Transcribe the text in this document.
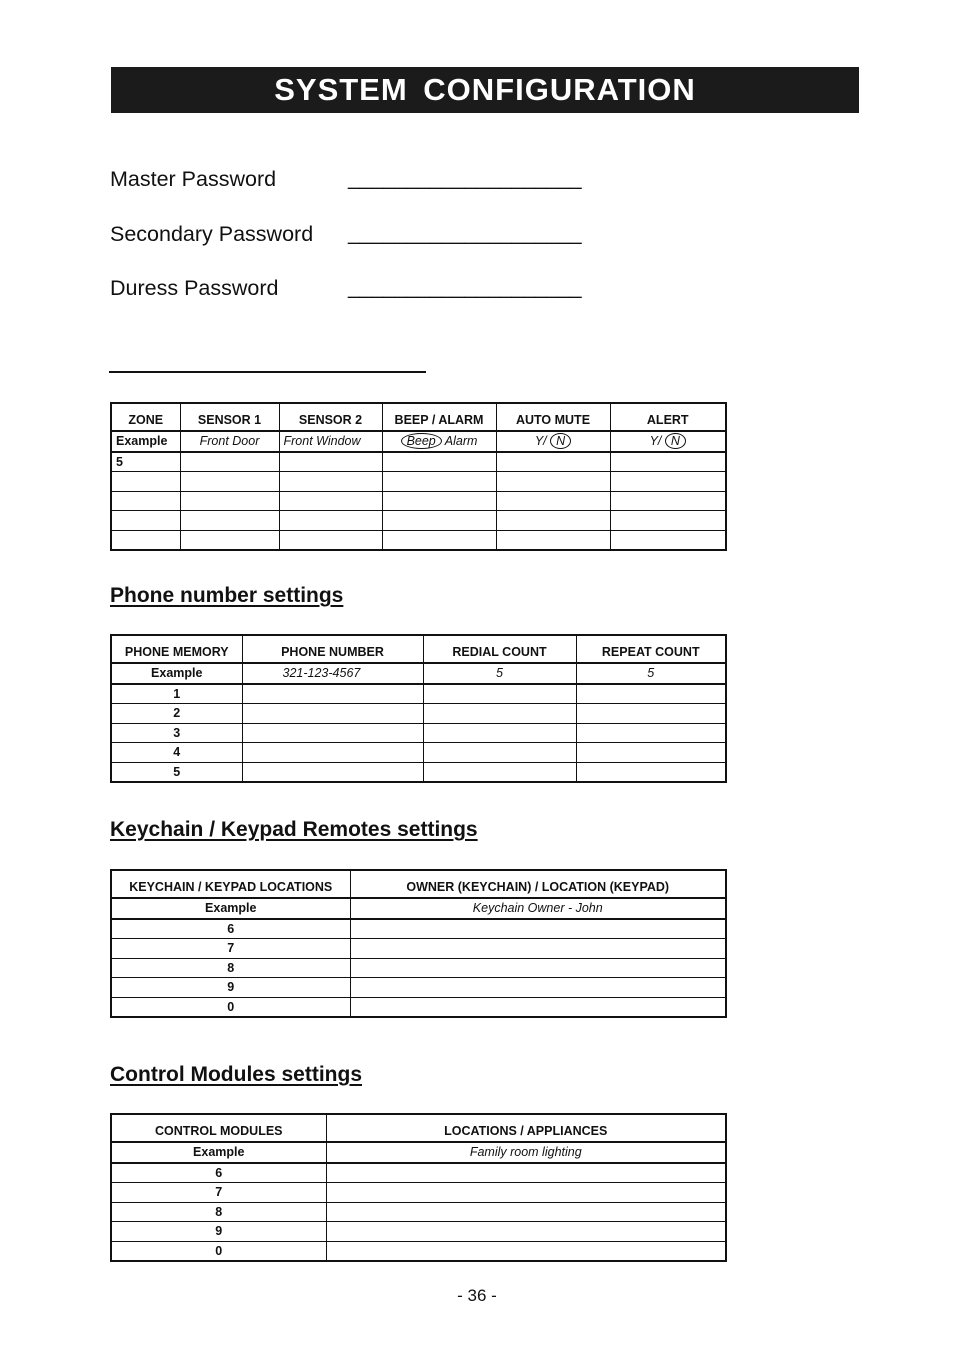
SYSTEM CONFIGURATION
Master Password	____________________
Secondary Password ____________________
Duress Password	____________________
ZONE	SENSOR 1	SENSOR 2	BEEP / ALARM	AUTO MUTE	ALERT
Example	Front Door	Front Window	Beep Alarm	Y/ N	Y/ N
5					

Phone number settings
PHONE MEMORY	PHONE NUMBER	REDIAL COUNT	REPEAT COUNT
Example	321-123-4567	5	5
1			
2			
3			
4			
5			
Keychain / Keypad Remotes settings
KEYCHAIN / KEYPAD LOCATIONS	OWNER (KEYCHAIN) / LOCATION (KEYPAD)
Example	Keychain Owner - John
6	
7	
8	
9	
0	
Control Modules settings
CONTROL MODULES	LOCATIONS / APPLIANCES
Example	Family room lighting
6	
7	
8	
9	
0	
- 36 -
